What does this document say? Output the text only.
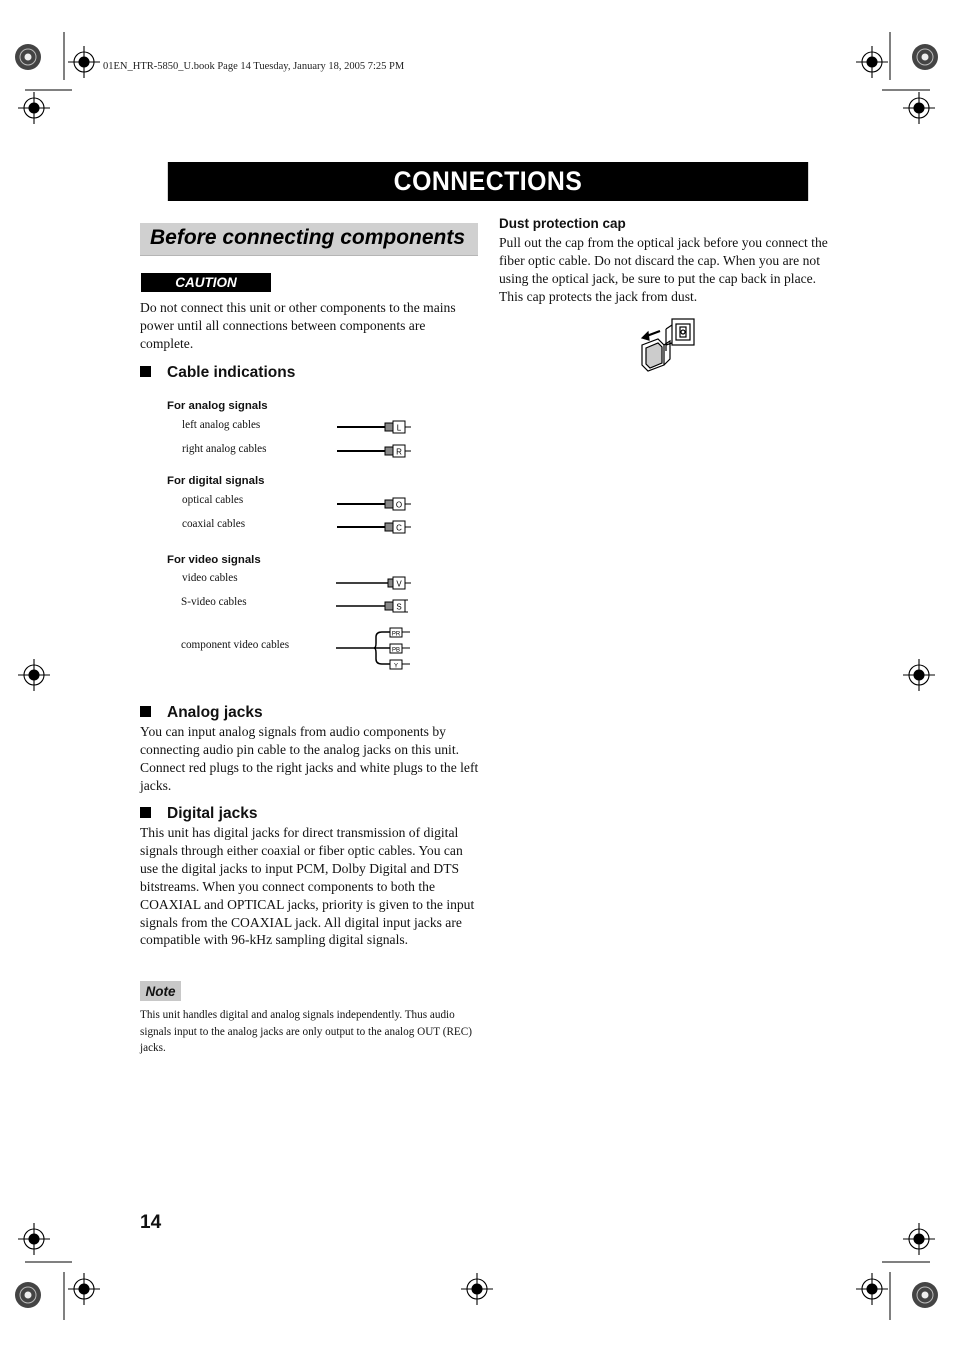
01EN_HTR-5850_U.book Page 14 Tuesday, January 18, 2005 7:25 PM
CONNECTIONS
Before connecting components
CAUTION

Do not connect this unit or other components to the mains power until all connections between components are complete.

Cable indications
For analog signals
left analog cables
right analog cables
For digital signals
optical cables
coaxial cables
For video signals
video cables
S-video cables
component video cables
L
R
O
C
V
S
PR
PB
Y
Analog jacks

You can input analog signals from audio components by connecting audio pin cable to the analog jacks on this unit. Connect red plugs to the right jacks and white plugs to the left jacks.

Digital jacks

This unit has digital jacks for direct transmission of digital signals through either coaxial or fiber optic cables. You can use the digital jacks to input PCM, Dolby Digital and DTS bitstreams. When you connect components to both the COAXIAL and OPTICAL jacks, priority is given to the input signals from the COAXIAL jack. All digital input jacks are compatible with 96-kHz sampling digital signals.

Note

This unit handles digital and analog signals independently. Thus audio signals input to the analog jacks are only output to the analog OUT (REC) jacks.

Dust protection cap

Pull out the cap from the optical jack before you connect the fiber optic cable. Do not discard the cap. When you are not using the optical jack, be sure to put the cap back in place. This cap protects the jack from dust.

14
